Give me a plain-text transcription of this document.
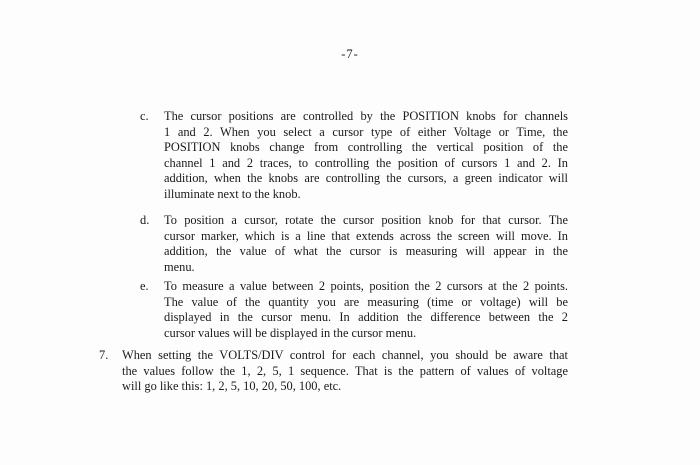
-7-
c. The cursor positions are controlled by the POSITION knobs for channels
1 and 2. When you select a cursor type of either Voltage or Time, the
POSITION knobs change from controlling the vertical position of the
channel 1 and 2 traces, to controlling the position of cursors 1 and 2. In
addition, when the knobs are controlling the cursors, a green indicator will
illuminate next to the knob.
d. To position a cursor, rotate the cursor position knob for that cursor. The
cursor marker, which is a line that extends across the screen will move. In
addition, the value of what the cursor is measuring will appear in the
menu.
e. To measure a value between 2 points, position the 2 cursors at the 2 points.
The value of the quantity you are measuring (time or voltage) will be
displayed in the cursor menu. In addition the difference between the 2
cursor values will be displayed in the cursor menu.
7. When setting the VOLTS/DIV control for each channel, you should be aware that
the values follow the 1, 2, 5, 1 sequence. That is the pattern of values of voltage
will go like this: 1, 2, 5, 10, 20, 50, 100, etc.
